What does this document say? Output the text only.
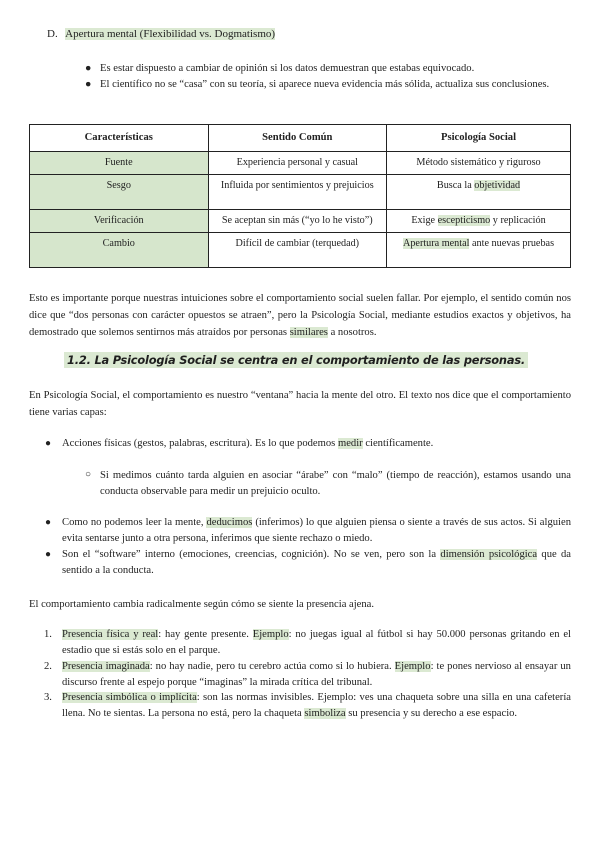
D. Apertura mental (Flexibilidad vs. Dogmatismo)
● Es estar dispuesto a cambiar de opinión si los datos demuestran que estabas equivocado.
● El científico no se “casa” con su teoría, si aparece nueva evidencia más sólida, actualiza sus conclusiones.
Características	Sentido Común	Psicología Social
Fuente	Experiencia personal y casual	Método sistemático y riguroso
Sesgo	Influida por sentimientos y prejuicios	Busca la objetividad
Verificación	Se aceptan sin más (“yo lo he visto”)	Exige escepticismo y replicación
Cambio	Difícil de cambiar (terquedad)	Apertura mental ante nuevas pruebas

Esto es importante porque nuestras intuiciones sobre el comportamiento social suelen fallar. Por ejemplo, el sentido común nos dice que “dos personas con carácter opuestos se atraen”, pero la Psicología Social, mediante estudios exactos y objetivos, ha demostrado que solemos sentirnos más atraídos por personas similares a nosotros.

1.2. La Psicología Social se centra en el comportamiento de las personas.

En Psicología Social, el comportamiento es nuestro “ventana” hacia la mente del otro. El texto nos dice que el comportamiento tiene varias capas:

● Acciones físicas (gestos, palabras, escritura). Es lo que podemos medir científicamente.
○ Si medimos cuánto tarda alguien en asociar “árabe” con “malo” (tiempo de reacción), estamos usando una conducta observable para medir un prejuicio oculto.
● Como no podemos leer la mente, deducimos (inferimos) lo que alguien piensa o siente a través de sus actos. Si alguien evita sentarse junto a otra persona, inferimos que siente rechazo o miedo.
● Son el “software” interno (emociones, creencias, cognición). No se ven, pero son la dimensión psicológica que da sentido a la conducta.

El comportamiento cambia radicalmente según cómo se siente la presencia ajena.

1. Presencia física y real: hay gente presente. Ejemplo: no juegas igual al fútbol si hay 50.000 personas gritando en el estadio que si estás solo en el parque.
2. Presencia imaginada: no hay nadie, pero tu cerebro actúa como si lo hubiera. Ejemplo: te pones nervioso al ensayar un discurso frente al espejo porque “imaginas” la mirada crítica del tribunal.
3. Presencia simbólica o implícita: son las normas invisibles. Ejemplo: ves una chaqueta sobre una silla en una cafetería llena. No te sientas. La persona no está, pero la chaqueta simboliza su presencia y su derecho a ese espacio.
